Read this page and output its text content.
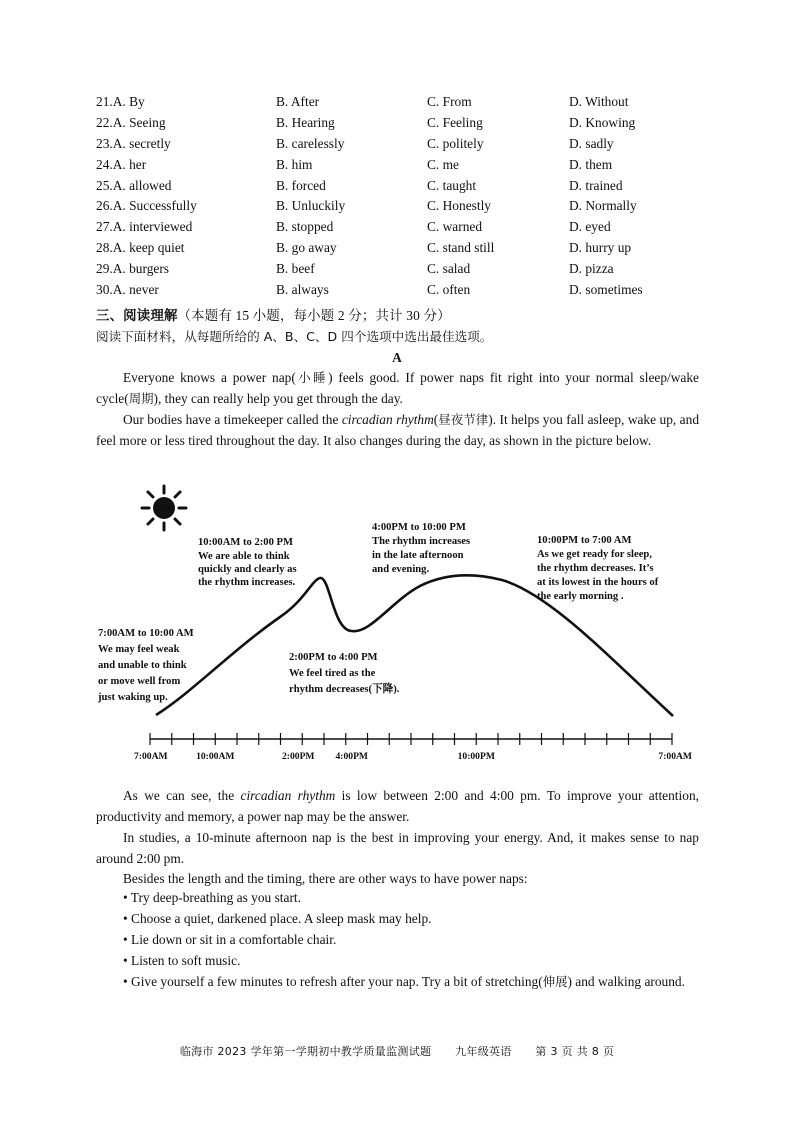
21.A. By	B. After	C. From	D. Without
22.A. Seeing	B. Hearing	C. Feeling	D. Knowing
23.A. secretly	B. carelessly	C. politely	D. sadly
24.A. her	B. him	C. me	D. them
25.A. allowed	B. forced	C. taught	D. trained
26.A. Successfully	B. Unluckily	C. Honestly	D. Normally
27.A. interviewed	B. stopped	C. warned	D. eyed
28.A. keep quiet	B. go away	C. stand still	D. hurry up
29.A. burgers	B. beef	C. salad	D. pizza
30.A. never	B. always	C. often	D. sometimes
三、阅读理解（本题有 15 小题，每小题 2 分；共计 30 分）
阅读下面材料，从每题所给的 A、B、C、D 四个选项中选出最佳选项。
A

Everyone knows a power nap(小睡) feels good. If power naps fit right into your normal sleep/wake cycle(周期), they can really help you get through the day.

Our bodies have a timekeeper called the circadian rhythm(昼夜节律). It helps you fall asleep, wake up, and feel more or less tired throughout the day. It also changes during the day, as shown in the picture below.

7:00AM	10:00AM	2:00PM 4:00PM	10:00PM	7:00AM
7:00AM to 10:00 AM
We may feel weak
and unable to think
or move well from
just waking up.
10:00AM to 2:00 PM
We are able to think
quickly and clearly as
the rhythm increases.
2:00PM to 4:00 PM
We feel tired as the
rhythm decreases(下降).
4:00PM to 10:00 PM
The rhythm increases
in the late afternoon
and evening.
10:00PM to 7:00 AM
As we get ready for sleep,
the rhythm decreases. It’s
at its lowest in the hours of
the early morning .

As we can see, the circadian rhythm is low between 2:00 and 4:00 pm. To improve your attention, productivity and memory, a power nap may be the answer.

In studies, a 10-minute afternoon nap is the best in improving your energy. And, it makes sense to nap around 2:00 pm.

Besides the length and the timing, there are other ways to have power naps:

• Try deep-breathing as you start.
• Choose a quiet, darkened place. A sleep mask may help.
• Lie down or sit in a comfortable chair.
• Listen to soft music.
• Give yourself a few minutes to refresh after your nap. Try a bit of stretching(伸展) and walking around.
临海市 2023 学年第一学期初中教学质量监测试题 九年级英语 第 3 页 共 8 页
